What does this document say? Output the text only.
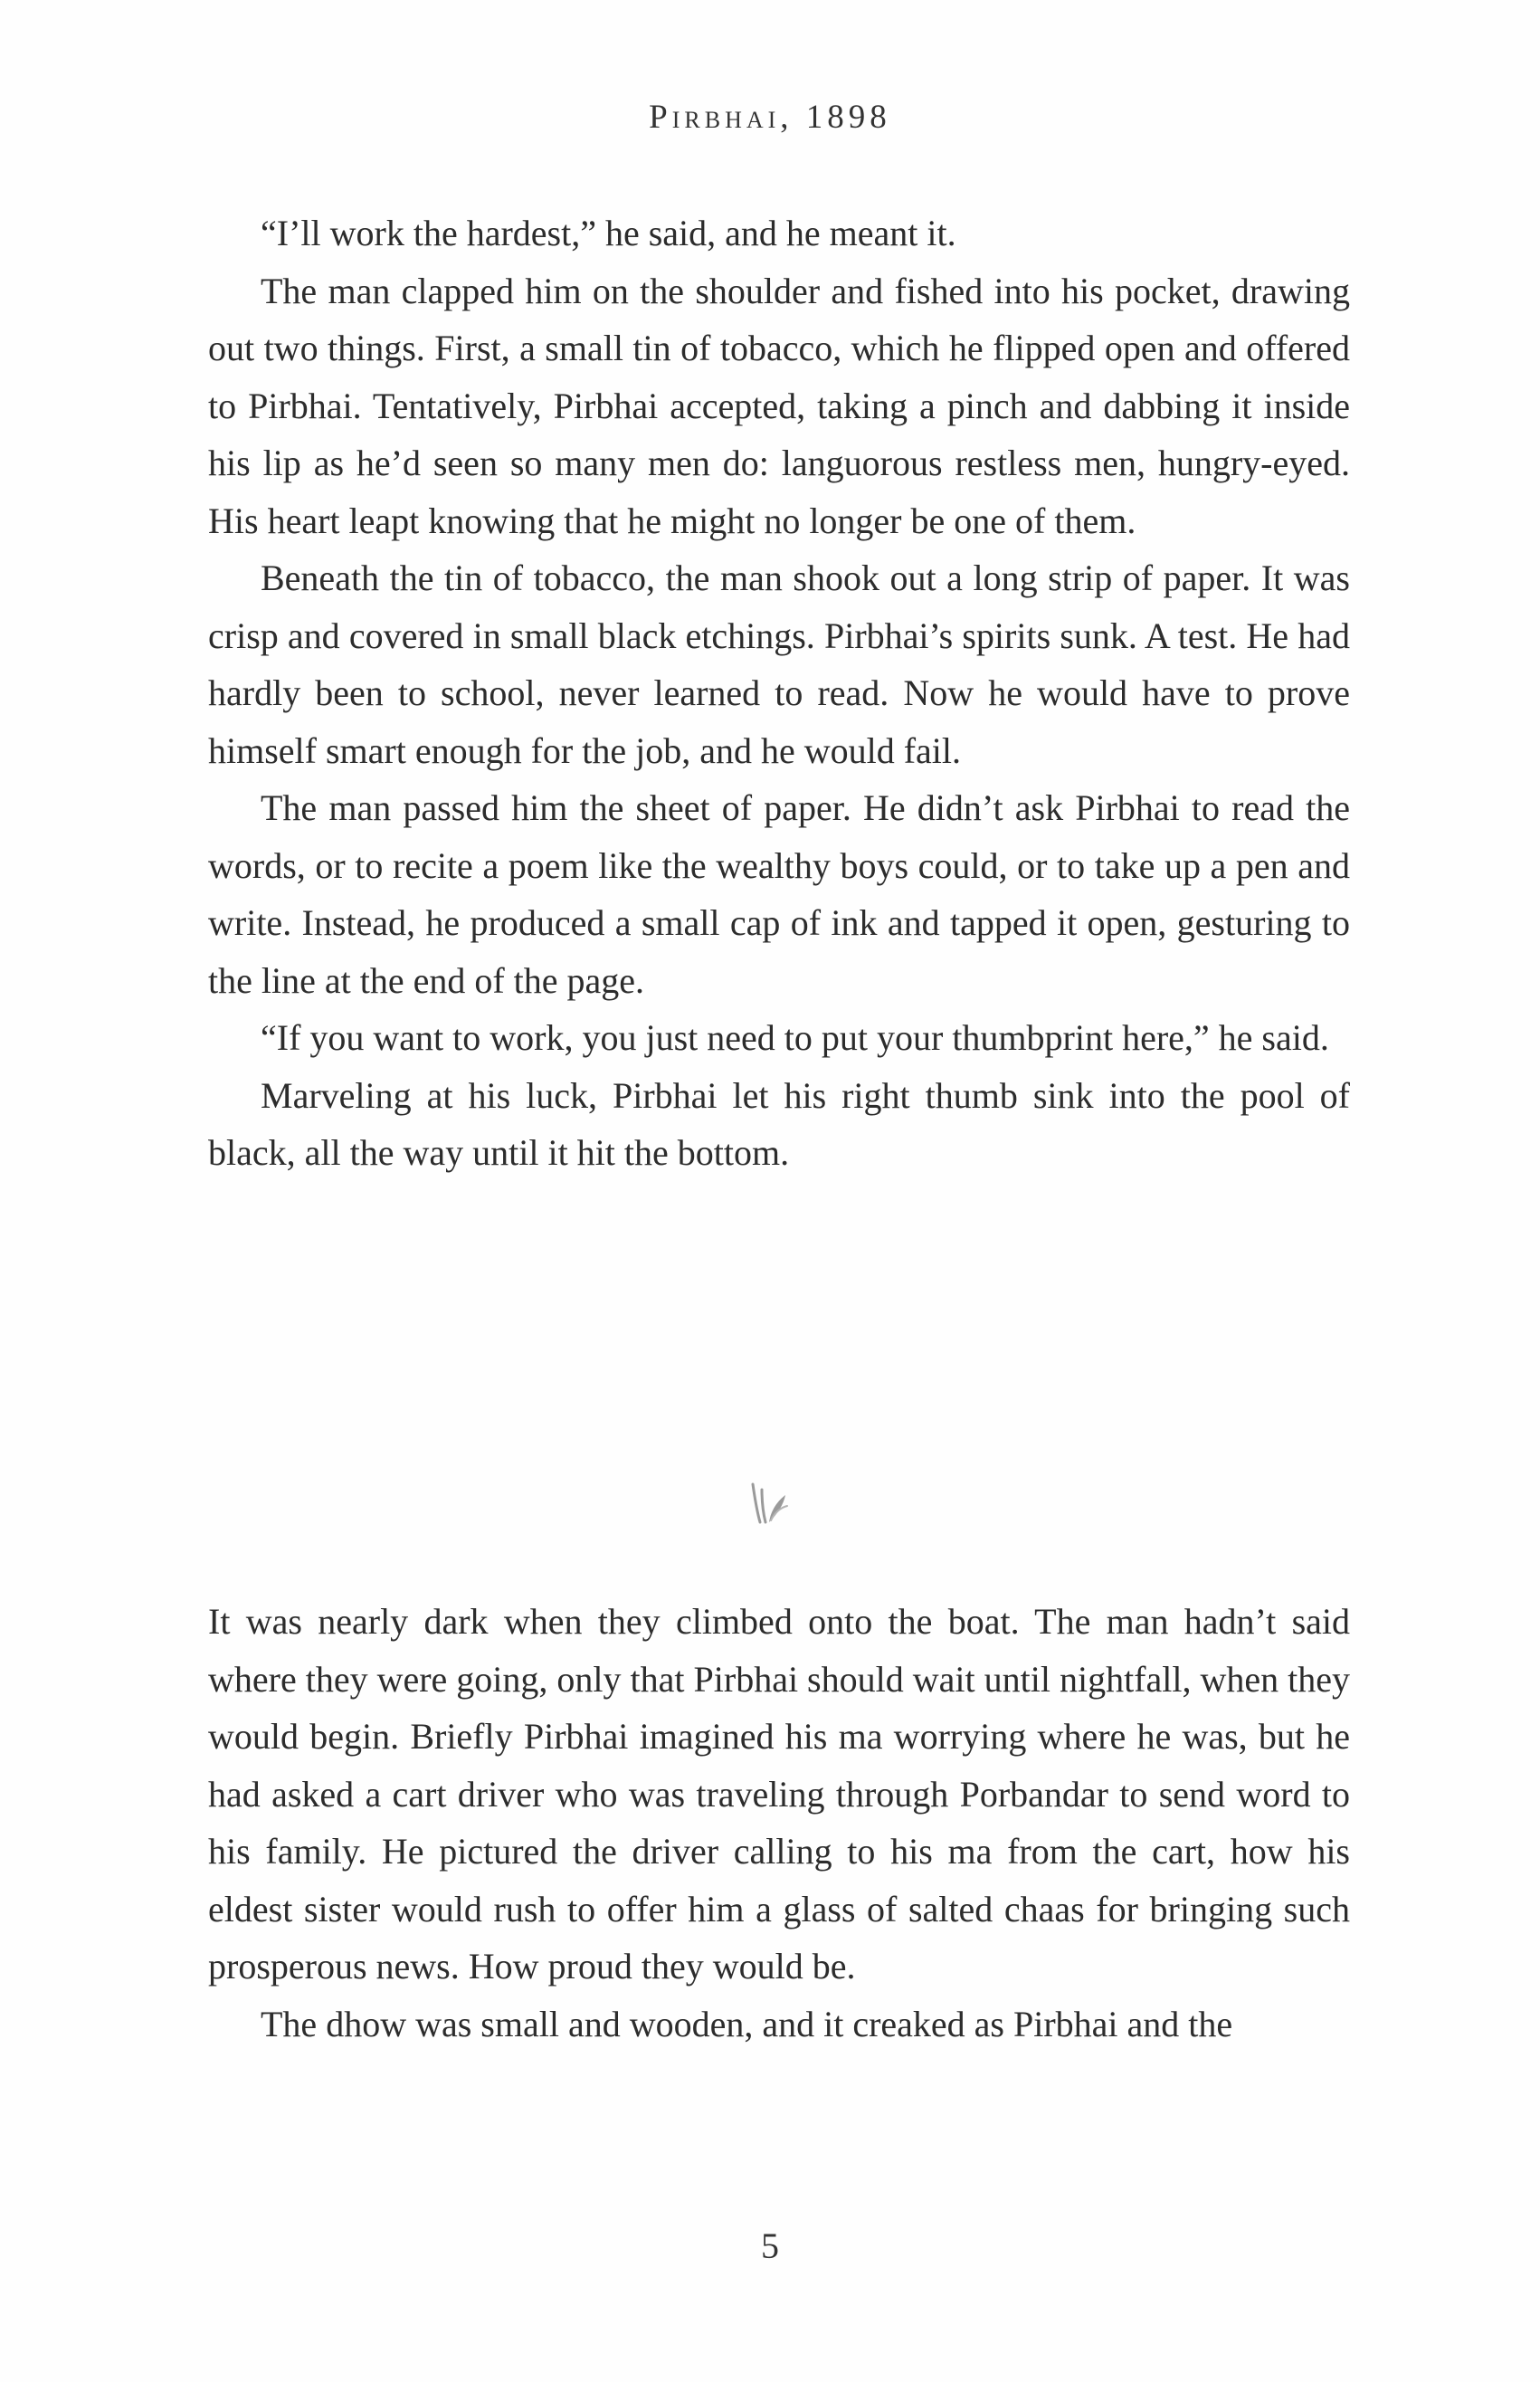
Pirbhai, 1898

“I’ll work the hardest,” he said, and he meant it.

The man clapped him on the shoulder and fished into his pocket, drawing out two things. First, a small tin of tobacco, which he flipped open and offered to Pirbhai. Tentatively, Pirbhai accepted, taking a pinch and dabbing it inside his lip as he’d seen so many men do: languorous restless men, hungry-eyed. His heart leapt knowing that he might no longer be one of them.

Beneath the tin of tobacco, the man shook out a long strip of paper. It was crisp and covered in small black etchings. Pirbhai’s spirits sunk. A test. He had hardly been to school, never learned to read. Now he would have to prove himself smart enough for the job, and he would fail.

The man passed him the sheet of paper. He didn’t ask Pirbhai to read the words, or to recite a poem like the wealthy boys could, or to take up a pen and write. Instead, he produced a small cap of ink and tapped it open, gesturing to the line at the end of the page.

“If you want to work, you just need to put your thumbprint here,” he said.

Marveling at his luck, Pirbhai let his right thumb sink into the pool of black, all the way until it hit the bottom.

It was nearly dark when they climbed onto the boat. The man hadn’t said where they were going, only that Pirbhai should wait until nightfall, when they would begin. Briefly Pirbhai imagined his ma worrying where he was, but he had asked a cart driver who was traveling through Porbandar to send word to his family. He pictured the driver calling to his ma from the cart, how his eldest sister would rush to offer him a glass of salted chaas for bringing such prosperous news. How proud they would be.

The dhow was small and wooden, and it creaked as Pirbhai and the

5
